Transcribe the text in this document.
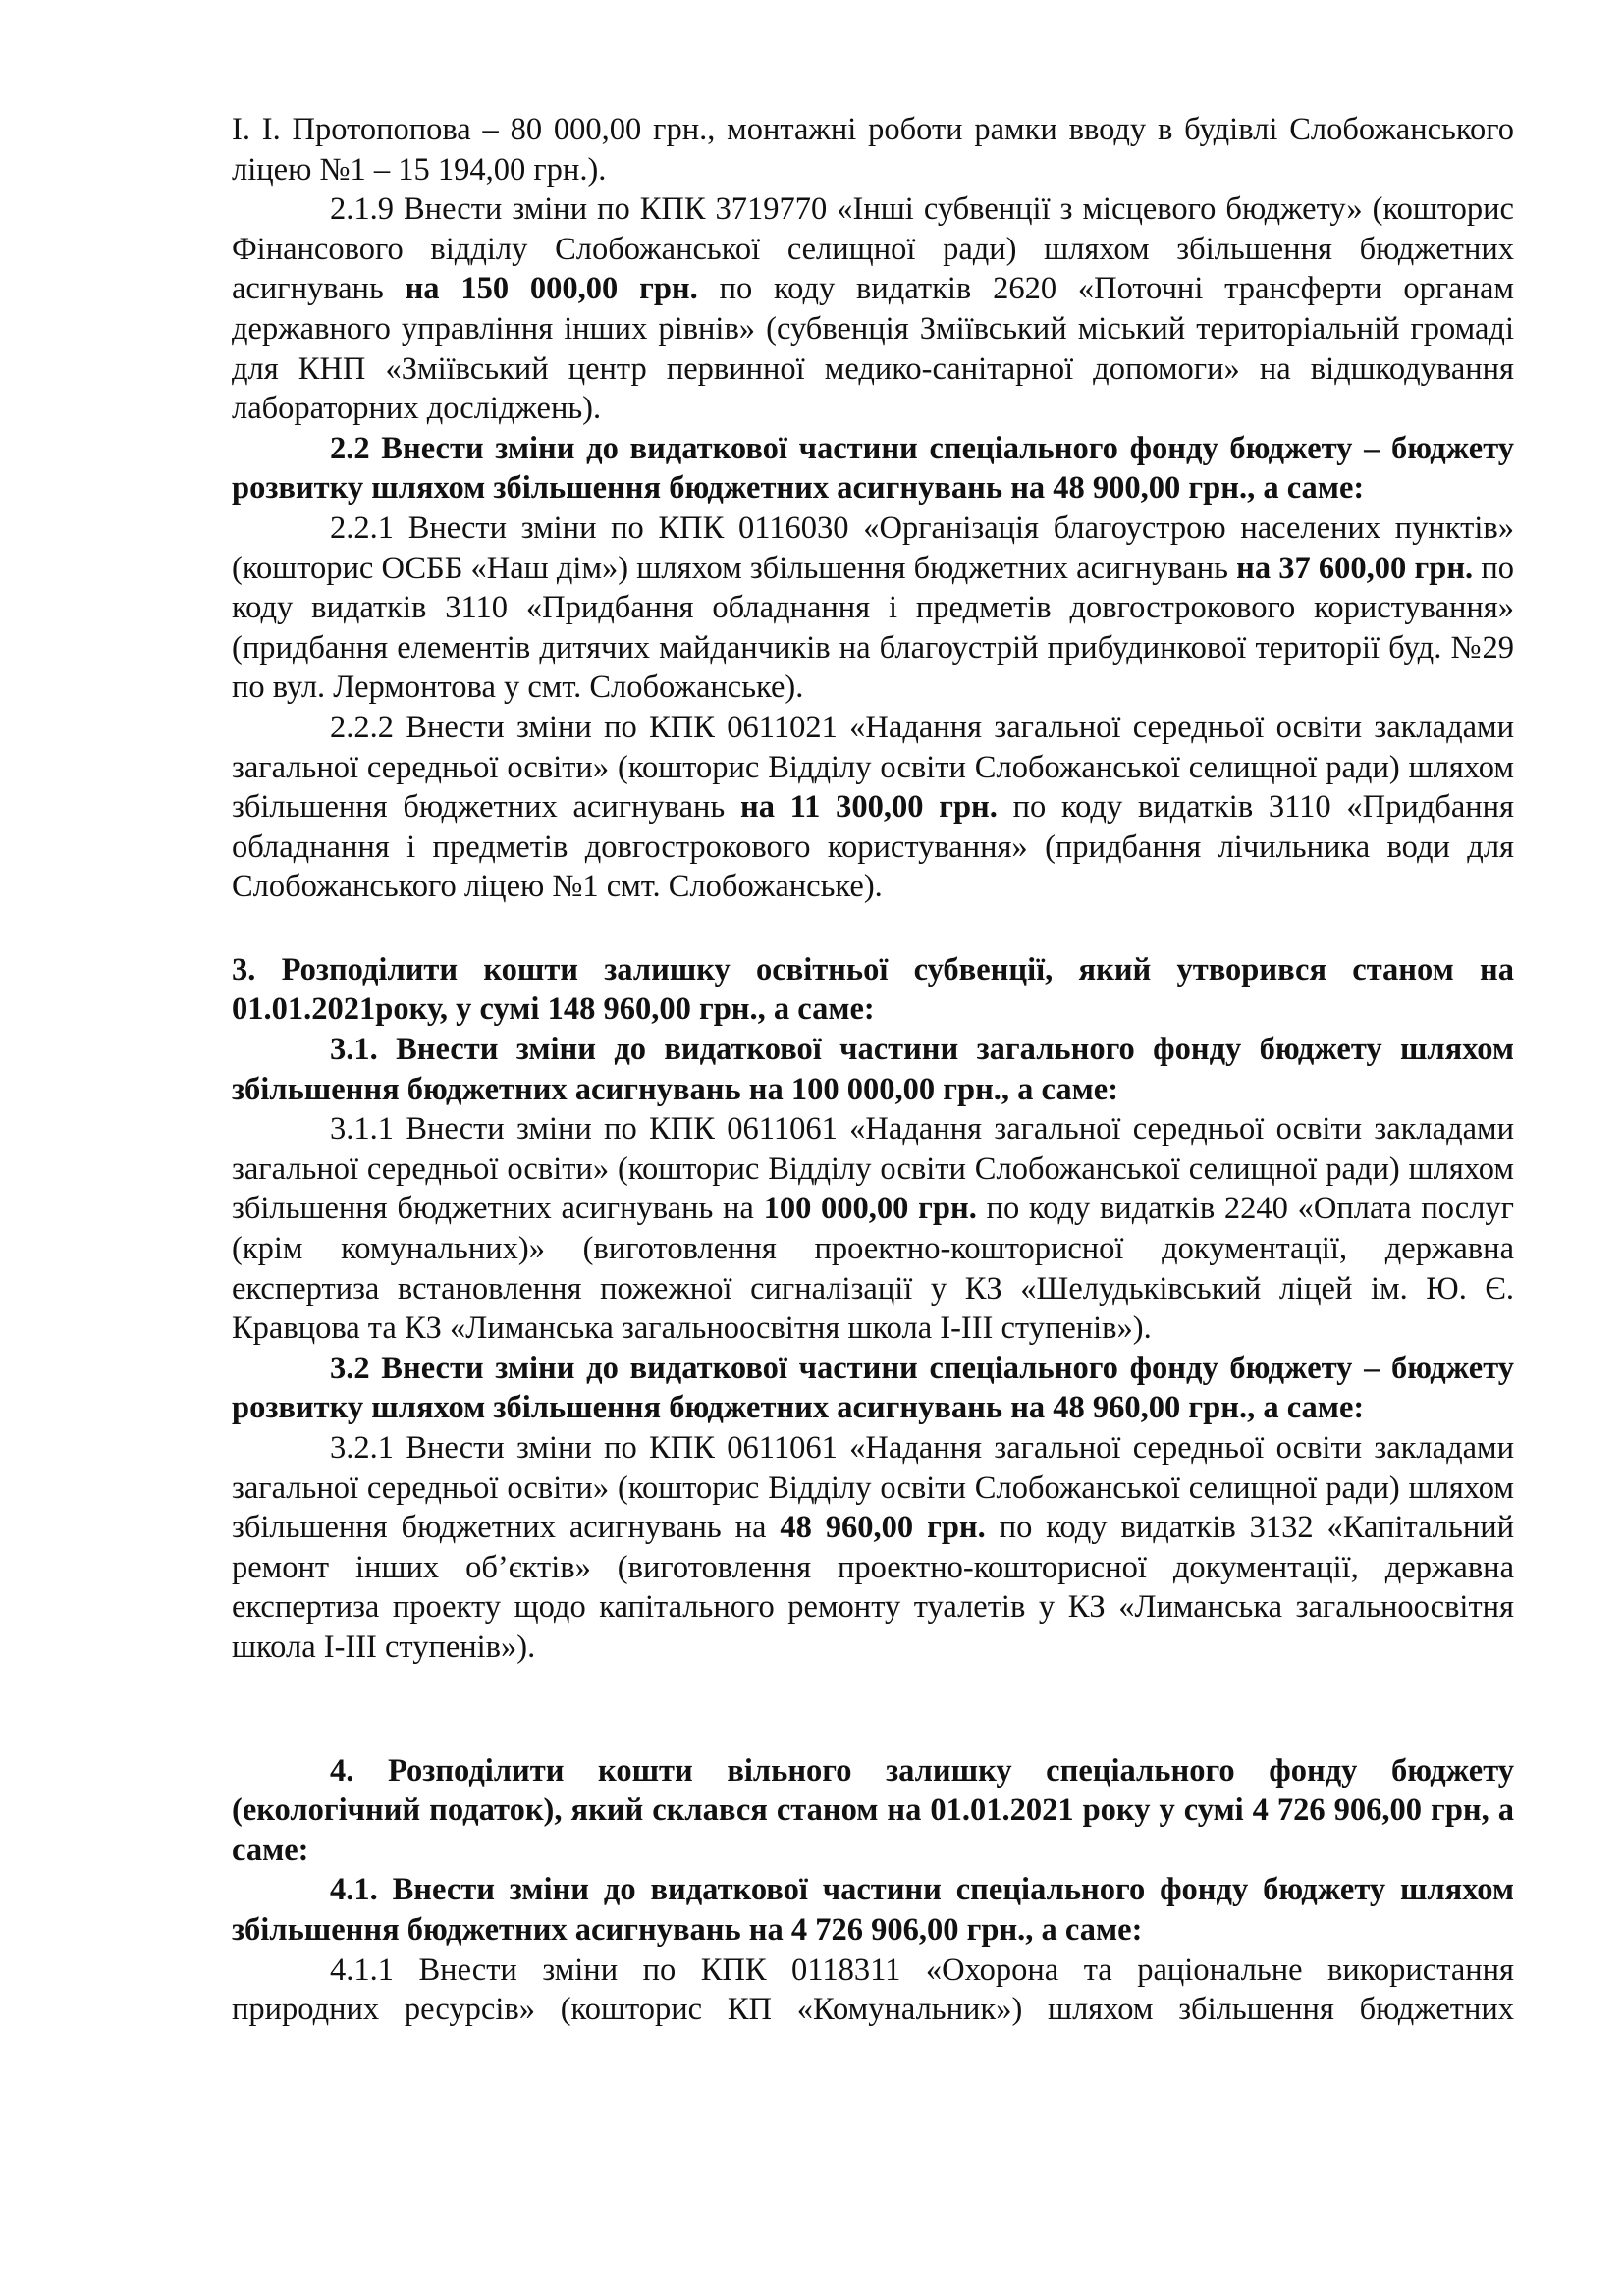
І. І. Протопопова – 80 000,00 грн., монтажні роботи рамки вводу в будівлі Слобожанського ліцею №1 – 15 194,00 грн.).

2.1.9 Внести зміни по КПК 3719770 «Інші субвенції з місцевого бюджету» (кошторис Фінансового відділу Слобожанської селищної ради) шляхом збільшення бюджетних асигнувань на 150 000,00 грн. по коду видатків 2620 «Поточні трансферти органам державного управління інших рівнів» (субвенція Зміївський міський територіальній громаді для КНП «Зміївський центр первинної медико-санітарної допомоги» на відшкодування лабораторних досліджень).

2.2 Внести зміни до видаткової частини спеціального фонду бюджету – бюджету розвитку шляхом збільшення бюджетних асигнувань на 48 900,00 грн., а саме:

2.2.1 Внести зміни по КПК 0116030 «Організація благоустрою населених пунктів» (кошторис ОСББ «Наш дім») шляхом збільшення бюджетних асигнувань на 37 600,00 грн. по коду видатків 3110 «Придбання обладнання і предметів довгострокового користування» (придбання елементів дитячих майданчиків на благоустрій прибудинкової території буд. №29 по вул. Лермонтова у смт. Слобожанське).

2.2.2 Внести зміни по КПК 0611021 «Надання загальної середньої освіти закладами загальної середньої освіти» (кошторис Відділу освіти Слобожанської селищної ради) шляхом збільшення бюджетних асигнувань на 11 300,00 грн. по коду видатків 3110 «Придбання обладнання і предметів довгострокового користування» (придбання лічильника води для Слобожанського ліцею №1 смт. Слобожанське).

3. Розподілити кошти залишку освітньої субвенції, який утворився станом на 01.01.2021року, у сумі 148 960,00 грн., а саме:

3.1. Внести зміни до видаткової частини загального фонду бюджету шляхом збільшення бюджетних асигнувань на 100 000,00 грн., а саме:

3.1.1 Внести зміни по КПК 0611061 «Надання загальної середньої освіти закладами загальної середньої освіти» (кошторис Відділу освіти Слобожанської селищної ради) шляхом збільшення бюджетних асигнувань на 100 000,00 грн. по коду видатків 2240 «Оплата послуг (крім комунальних)» (виготовлення проектно-кошторисної документації, державна експертиза встановлення пожежної сигналізації у КЗ «Шелудьківський ліцей ім. Ю. Є. Кравцова та КЗ «Лиманська загальноосвітня школа I-III ступенів»).

3.2 Внести зміни до видаткової частини спеціального фонду бюджету – бюджету розвитку шляхом збільшення бюджетних асигнувань на 48 960,00 грн., а саме:

3.2.1 Внести зміни по КПК 0611061 «Надання загальної середньої освіти закладами загальної середньої освіти» (кошторис Відділу освіти Слобожанської селищної ради) шляхом збільшення бюджетних асигнувань на 48 960,00 грн. по коду видатків 3132 «Капітальний ремонт інших об’єктів» (виготовлення проектно-кошторисної документації, державна експертиза проекту щодо капітального ремонту туалетів у КЗ «Лиманська загальноосвітня школа I-III ступенів»).

4. Розподілити кошти вільного залишку спеціального фонду бюджету (екологічний податок), який склався станом на 01.01.2021 року у сумі 4 726 906,00 грн, а саме:

4.1. Внести зміни до видаткової частини спеціального фонду бюджету шляхом збільшення бюджетних асигнувань на 4 726 906,00 грн., а саме:

4.1.1 Внести зміни по КПК 0118311 «Охорона та раціональне використання природних ресурсів» (кошторис КП «Комунальник») шляхом збільшення бюджетних
